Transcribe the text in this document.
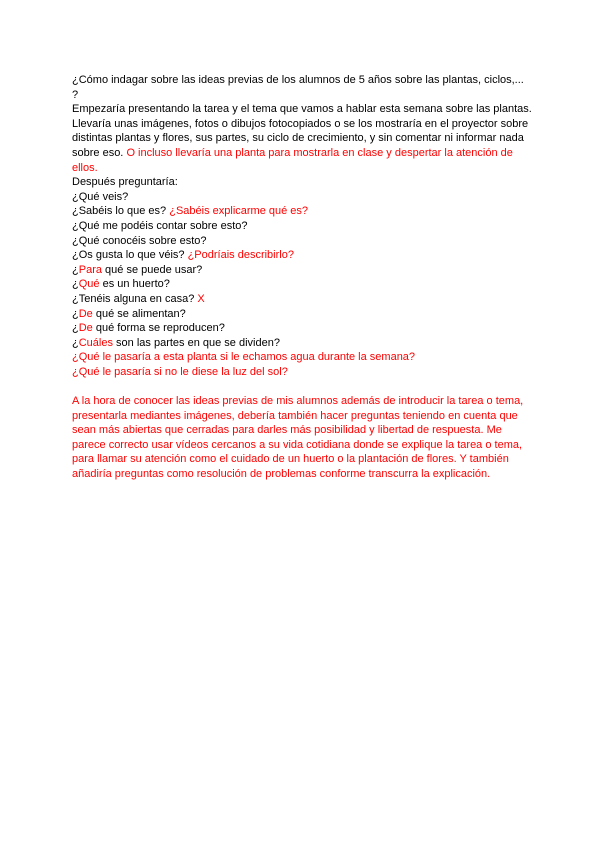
¿Cómo indagar sobre las ideas previas de los alumnos de 5 años sobre las plantas, ciclos,... ?

Empezaría presentando la tarea y el tema que vamos a hablar esta semana sobre las plantas.

Llevaría unas imágenes, fotos o dibujos fotocopiados o se los mostraría en el proyector sobre distintas plantas y flores, sus partes, su ciclo de crecimiento, y sin comentar ni informar nada sobre eso. O incluso llevaría una planta para mostrarla en clase y despertar la atención de ellos.

Después preguntaría:

¿Qué veis?

¿Sabéis lo que es? ¿Sabéis explicarme qué es?

¿Qué me podéis contar sobre esto?

¿Qué conocéis sobre esto?

¿Os gusta lo que véis? ¿Podríais describirlo?

¿Para qué se puede usar?

¿Qué es un huerto?

¿Tenéis alguna en casa? X

¿De qué se alimentan?

¿De qué forma se reproducen?

¿Cuáles son las partes en que se dividen?

¿Qué le pasaría a esta planta si le echamos agua durante la semana?

¿Qué le pasaría si no le diese la luz del sol?

A la hora de conocer las ideas previas de mis alumnos además de introducir la tarea o tema, presentarla mediantes imágenes, debería también hacer preguntas teniendo en cuenta que sean más abiertas que cerradas para darles más posibilidad y libertad de respuesta. Me parece correcto usar vídeos cercanos a su vida cotidiana donde se explique la tarea o tema, para llamar su atención como el cuidado de un huerto o la plantación de flores. Y también añadiría preguntas como resolución de problemas conforme transcurra la explicación.
